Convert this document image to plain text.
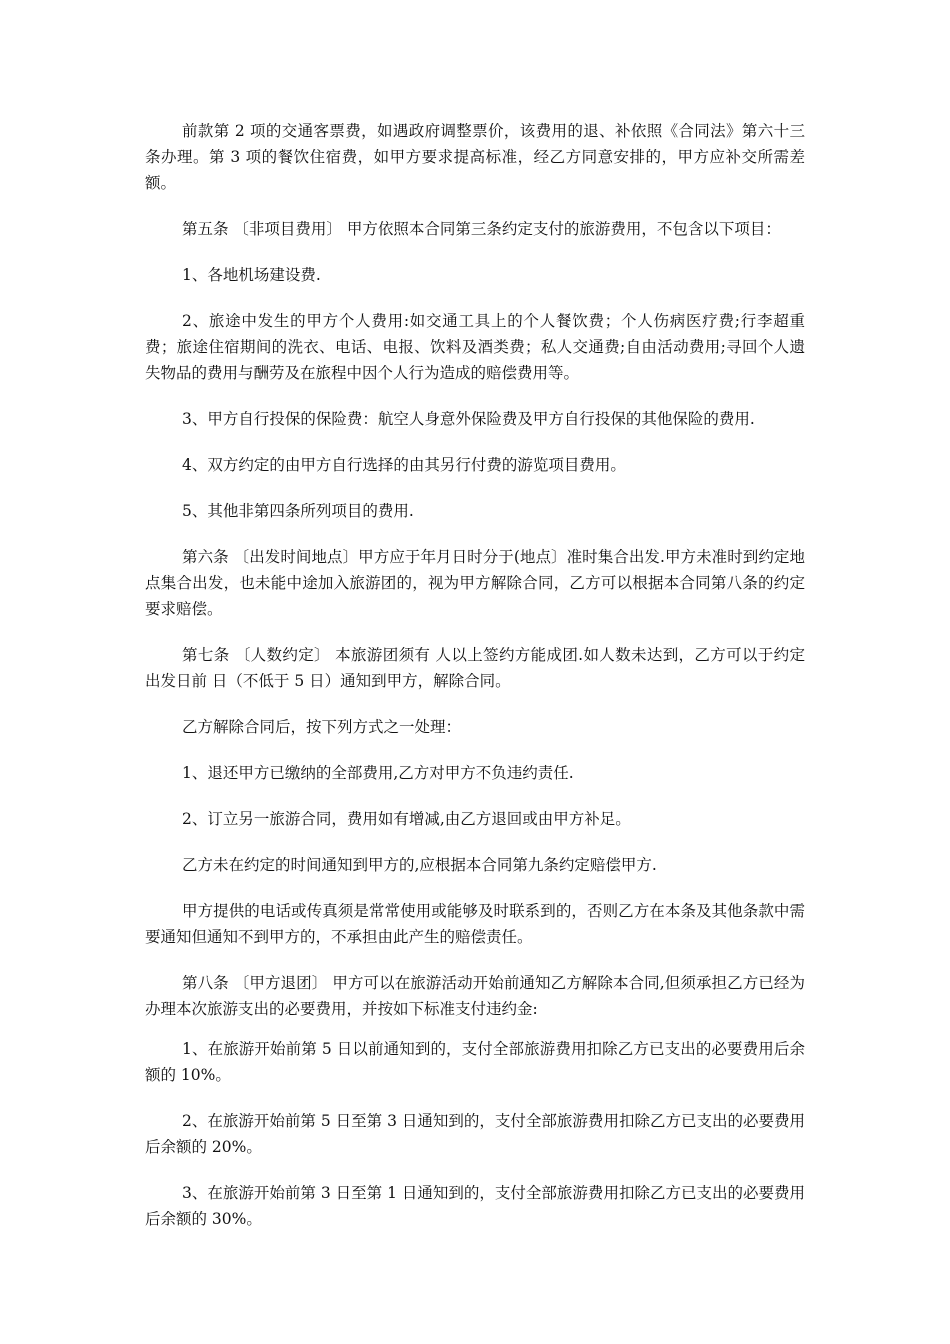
前款第 2 项的交通客票费，如遇政府调整票价，该费用的退、补依照《合同法》第六十三条办理。第 3 项的餐饮住宿费，如甲方要求提高标准，经乙方同意安排的，甲方应补交所需差额。

第五条 〔非项目费用〕 甲方依照本合同第三条约定支付的旅游费用，不包含以下项目：

1、各地机场建设费.

2、旅途中发生的甲方个人费用:如交通工具上的个人餐饮费；个人伤病医疗费;行李超重费；旅途住宿期间的洗衣、电话、电报、饮料及酒类费；私人交通费;自由活动费用;寻回个人遗失物品的费用与酬劳及在旅程中因个人行为造成的赔偿费用等。

3、甲方自行投保的保险费：航空人身意外保险费及甲方自行投保的其他保险的费用.

4、双方约定的由甲方自行选择的由其另行付费的游览项目费用。

5、其他非第四条所列项目的费用.

第六条 〔出发时间地点〕甲方应于年月日时分于(地点〕准时集合出发.甲方未准时到约定地点集合出发，也未能中途加入旅游团的，视为甲方解除合同，乙方可以根据本合同第八条的约定要求赔偿。

第七条 〔人数约定〕 本旅游团须有 人以上签约方能成团.如人数未达到，乙方可以于约定出发日前 日（不低于 5 日）通知到甲方，解除合同。

乙方解除合同后，按下列方式之一处理：

1、退还甲方已缴纳的全部费用,乙方对甲方不负违约责任.

2、订立另一旅游合同，费用如有增减,由乙方退回或由甲方补足。

乙方未在约定的时间通知到甲方的,应根据本合同第九条约定赔偿甲方.

甲方提供的电话或传真须是常常使用或能够及时联系到的，否则乙方在本条及其他条款中需要通知但通知不到甲方的，不承担由此产生的赔偿责任。

第八条 〔甲方退团〕 甲方可以在旅游活动开始前通知乙方解除本合同,但须承担乙方已经为办理本次旅游支出的必要费用，并按如下标准支付违约金:

1、在旅游开始前第 5 日以前通知到的，支付全部旅游费用扣除乙方已支出的必要费用后余额的 10%。

2、在旅游开始前第 5 日至第 3 日通知到的，支付全部旅游费用扣除乙方已支出的必要费用后余额的 20%。

3、在旅游开始前第 3 日至第 1 日通知到的，支付全部旅游费用扣除乙方已支出的必要费用后余额的 30%。
